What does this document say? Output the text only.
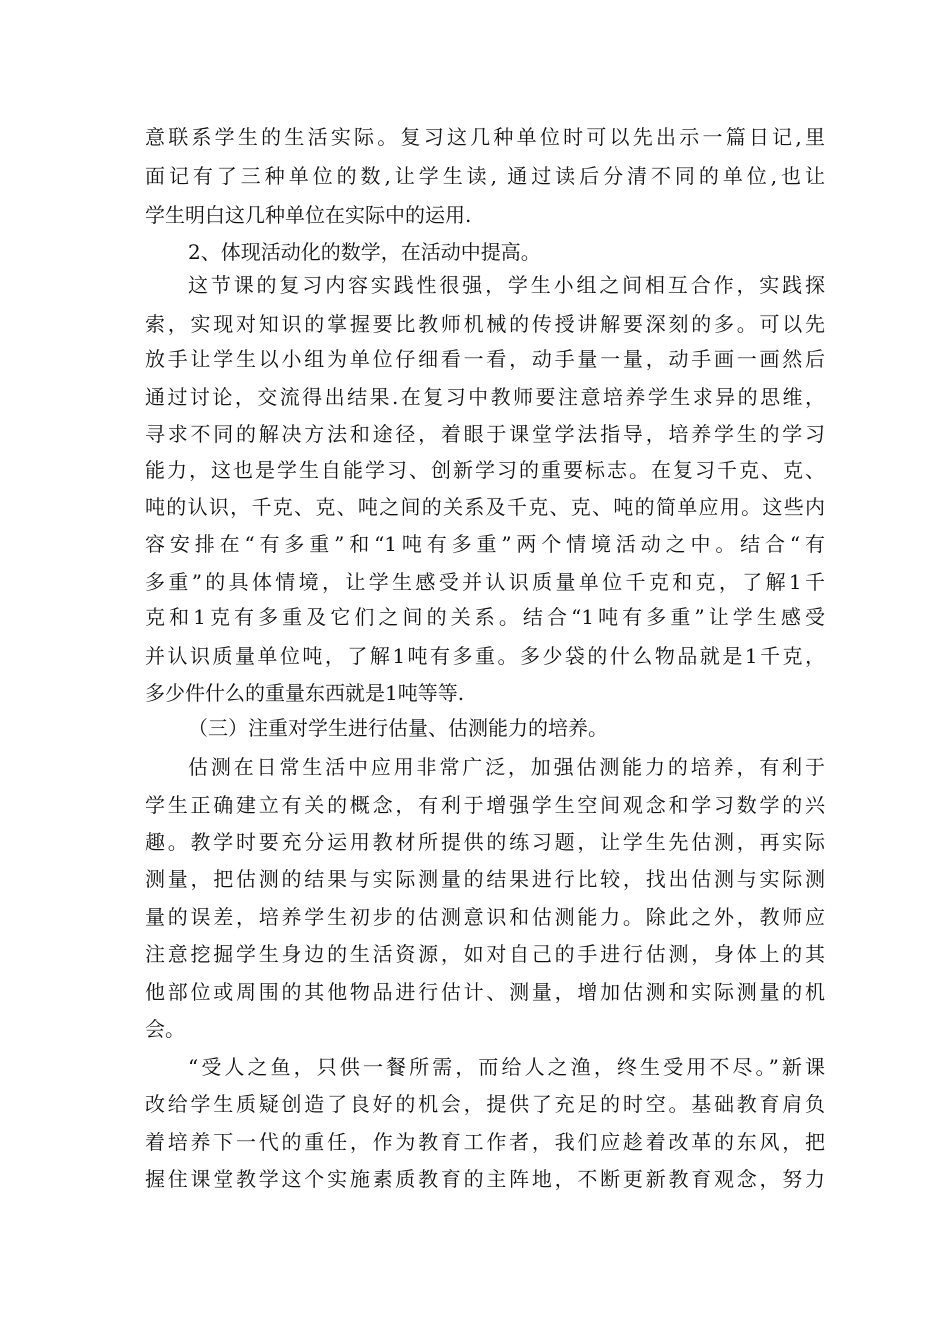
意联系学生的生活实际。复习这几种单位时可以先出示一篇日记,里
面记有了三种单位的数,让学生读, 通过读后分清不同的单位,也让
学生明白这几种单位在实际中的运用.
2、体现活动化的数学，在活动中提高。
这节课的复习内容实践性很强，学生小组之间相互合作，实践探
索，实现对知识的掌握要比教师机械的传授讲解要深刻的多。可以先
放手让学生以小组为单位仔细看一看，动手量一量，动手画一画然后
通过讨论，交流得出结果.在复习中教师要注意培养学生求异的思维，
寻求不同的解决方法和途径，着眼于课堂学法指导，培养学生的学习
能力，这也是学生自能学习、创新学习的重要标志。在复习千克、克、
吨的认识，千克、克、吨之间的关系及千克、克、吨的简单应用。这些内
容安排在“有多重”和“1吨有多重”两个情境活动之中。结合“有
多重”的具体情境，让学生感受并认识质量单位千克和克，了解1千
克和1克有多重及它们之间的关系。结合“1吨有多重”让学生感受
并认识质量单位吨，了解1吨有多重。多少袋的什么物品就是1千克，
多少件什么的重量东西就是1吨等等.
（三）注重对学生进行估量、估测能力的培养。
估测在日常生活中应用非常广泛，加强估测能力的培养，有利于
学生正确建立有关的概念，有利于增强学生空间观念和学习数学的兴
趣。教学时要充分运用教材所提供的练习题，让学生先估测，再实际
测量，把估测的结果与实际测量的结果进行比较，找出估测与实际测
量的误差，培养学生初步的估测意识和估测能力。除此之外，教师应
注意挖掘学生身边的生活资源，如对自己的手进行估测，身体上的其
他部位或周围的其他物品进行估计、测量，增加估测和实际测量的机
会。
“受人之鱼，只供一餐所需，而给人之渔，终生受用不尽。”新课
改给学生质疑创造了良好的机会，提供了充足的时空。基础教育肩负
着培养下一代的重任，作为教育工作者，我们应趁着改革的东风，把
握住课堂教学这个实施素质教育的主阵地，不断更新教育观念，努力
